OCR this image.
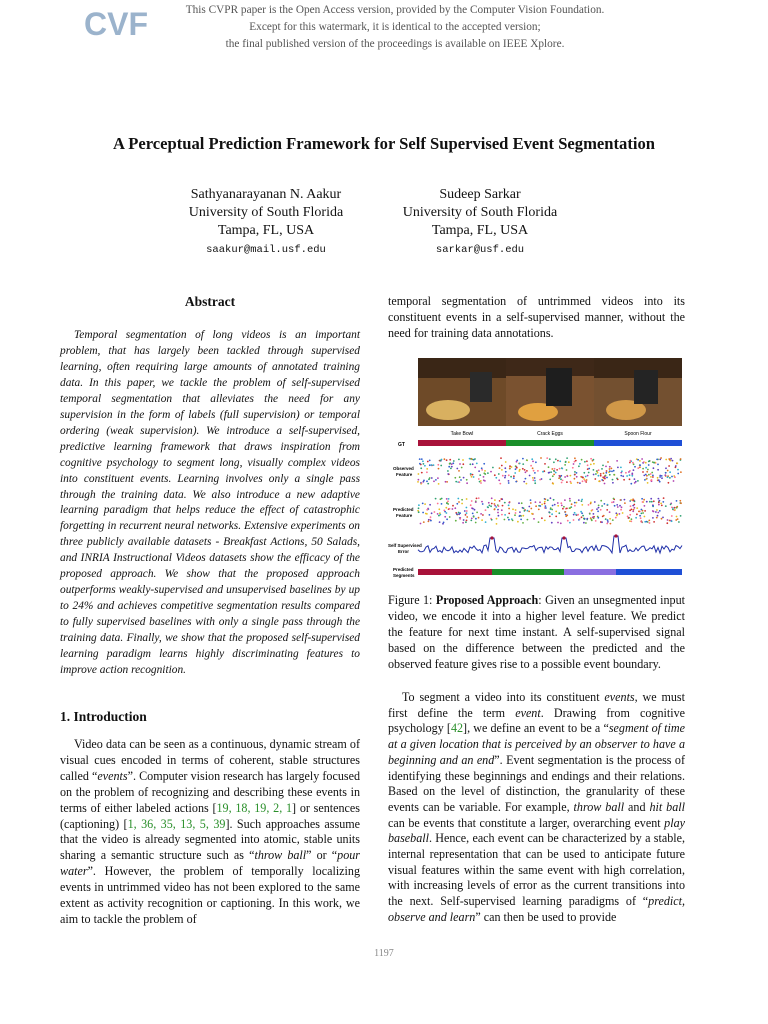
CVF	This CVPR paper is the Open Access version, provided by the Computer Vision Foundation.
Except for this watermark, it is identical to the accepted version;
the final published version of the proceedings is available on IEEE Xplore.
A Perceptual Prediction Framework for Self Supervised Event Segmentation
Sathyanarayanan N. Aakur
University of South Florida
Tampa, FL, USA
saakur@mail.usf.edu
Sudeep Sarkar
University of South Florida
Tampa, FL, USA
sarkar@usf.edu
Abstract
Temporal segmentation of long videos is an important problem, that has largely been tackled through supervised learning, often requiring large amounts of annotated training data. In this paper, we tackle the problem of self-supervised temporal segmentation that alleviates the need for any supervision in the form of labels (full supervision) or temporal ordering (weak supervision). We introduce a self-supervised, predictive learning framework that draws inspiration from cognitive psychology to segment long, visually complex videos into constituent events. Learning involves only a single pass through the training data. We also introduce a new adaptive learning paradigm that helps reduce the effect of catastrophic forgetting in recurrent neural networks. Extensive experiments on three publicly available datasets - Breakfast Actions, 50 Salads, and INRIA Instructional Videos datasets show the efficacy of the proposed approach. We show that the proposed approach outperforms weakly-supervised and unsupervised baselines by up to 24% and achieves competitive segmentation results compared to fully supervised baselines with only a single pass through the training data. Finally, we show that the proposed self-supervised learning paradigm learns highly discriminating features to improve action recognition.
1. Introduction
Video data can be seen as a continuous, dynamic stream of visual cues encoded in terms of coherent, stable structures called “events”. Computer vision research has largely focused on the problem of recognizing and describing these events in terms of either labeled actions [19, 18, 19, 2, 1] or sentences (captioning) [1, 36, 35, 13, 5, 39]. Such approaches assume that the video is already segmented into atomic, stable units sharing a semantic structure such as “throw ball” or “pour water”. However, the problem of temporally localizing events in untrimmed video has not been explored to the same extent as activity recognition or captioning. In this work, we aim to tackle the problem of
temporal segmentation of untrimmed videos into its constituent events in a self-supervised manner, without the need for training data annotations.
Take Bowl	Crack Eggs	Spoon Flour
GT
Observed
Feature
Predicted
Feature
Self Supervised
Error
Predicted
Segments
Figure 1: Proposed Approach: Given an unsegmented input video, we encode it into a higher level feature. We predict the feature for next time instant. A self-supervised signal based on the difference between the predicted and the observed feature gives rise to a possible event boundary.
To segment a video into its constituent events, we must first define the term event. Drawing from cognitive psychology [42], we define an event to be a “segment of time at a given location that is perceived by an observer to have a beginning and an end”. Event segmentation is the process of identifying these beginnings and endings and their relations. Based on the level of distinction, the granularity of these events can be variable. For example, throw ball and hit ball can be events that constitute a larger, overarching event play baseball. Hence, each event can be characterized by a stable, internal representation that can be used to anticipate future visual features within the same event with high correlation, with increasing levels of error as the current transitions into the next. Self-supervised learning paradigms of “predict, observe and learn” can then be used to provide
1197
